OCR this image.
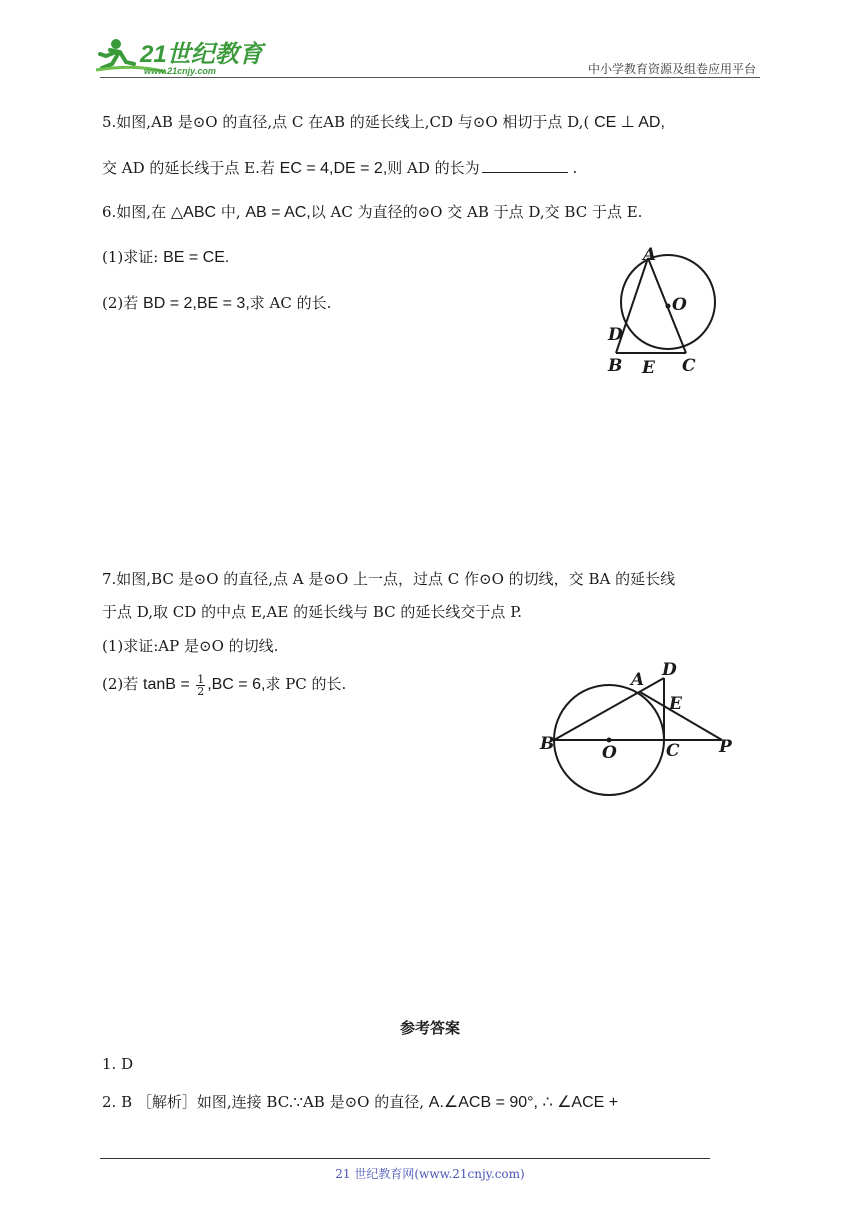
21世纪教育
www.21cnjy.com	中小学教育资源及组卷应用平台
5.如图,AB 是⊙O 的直径,点 C 在AB 的延长线上,CD 与⊙O 相切于点 D,( CE ⊥ AD,
交 AD 的延长线于点 E.若 EC = 4,DE = 2,则 AD 的长为	.
6.如图,在 △ABC 中, AB = AC,以 AC 为直径的⊙O 交 AB 于点 D,交 BC 于点 E.
(1)求证: BE = CE.
(2)若 BD = 2,BE = 3,求 AC 的长.
A
O
D
B E C
7.如图,BC 是⊙O 的直径,点 A 是⊙O 上一点，过点 C 作⊙O 的切线，交 BA 的延长线
于点 D,取 CD 的中点 E,AE 的延长线与 BC 的延长线交于点 P.
(1)求证:AP 是⊙O 的切线.
(2)若 $\tan B = \frac{1}{2} ,BC = 6$,求 PC 的长.
D
A
E
B	O	C P
参考答案
1. D
2. B ［解析］如图,连接 BC.∵AB 是⊙O 的直径, A.∠ACB = 90°, ∴ ∠ACE +
21 世纪教育网(www.21cnjy.com)
